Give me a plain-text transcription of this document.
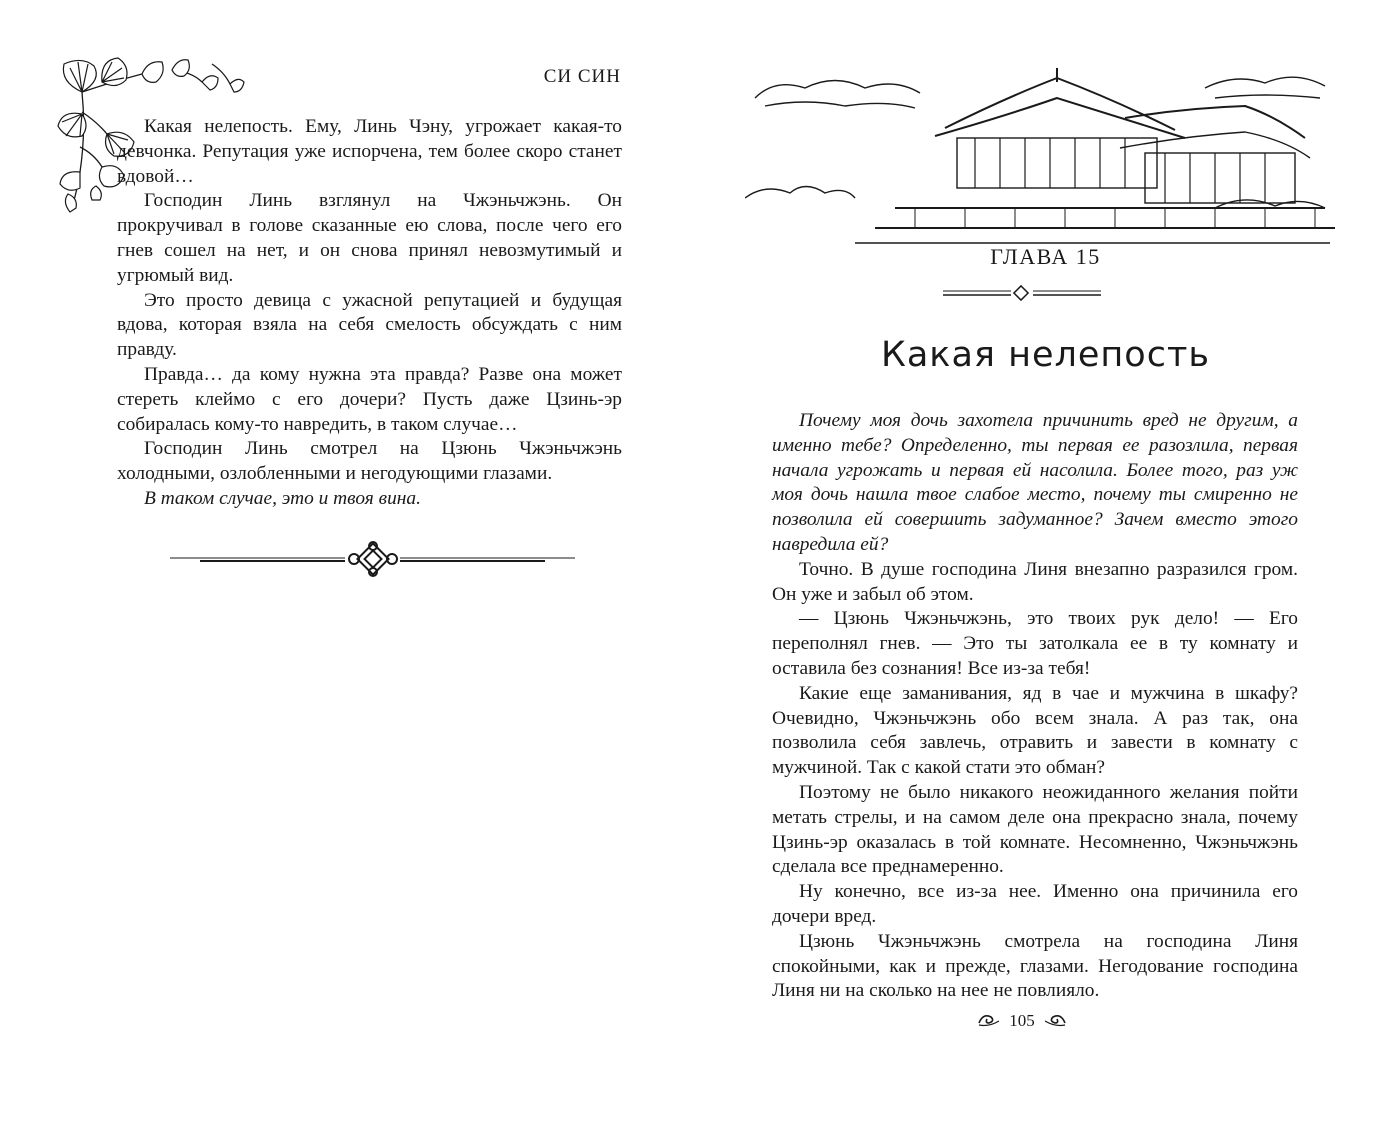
СИ СИН

Какая нелепость. Ему, Линь Чэну, угрожает какая-то девчонка. Репутация уже испорчена, тем более скоро станет вдовой…

Господин Линь взглянул на Чжэньчжэнь. Он прокручивал в голове сказанные ею слова, после чего его гнев сошел на нет, и он снова принял невозмутимый и угрюмый вид.

Это просто девица с ужасной репутацией и будущая вдова, которая взяла на себя смелость обсуждать с ним правду.

Правда… да кому нужна эта правда? Разве она может стереть клеймо с его дочери? Пусть даже Цзинь-эр собиралась кому-то навредить, в таком случае…

Господин Линь смотрел на Цзюнь Чжэньчжэнь холодными, озлобленными и негодующими глазами.

В таком случае, это и твоя вина.

ГЛАВА 15
Какая нелепость

Почему моя дочь захотела причинить вред не другим, а именно тебе? Определенно, ты первая ее разозлила, первая начала угрожать и первая ей насолила. Более того, раз уж моя дочь нашла твое слабое место, почему ты смиренно не позволила ей совершить задуманное? Зачем вместо этого навредила ей?

Точно. В душе господина Линя внезапно разразился гром. Он уже и забыл об этом.

— Цзюнь Чжэньчжэнь, это твоих рук дело! — Его переполнял гнев. — Это ты затолкала ее в ту комнату и оставила без сознания! Все из-за тебя!

Какие еще заманивания, яд в чае и мужчина в шкафу? Очевидно, Чжэньчжэнь обо всем знала. А раз так, она позволила себя завлечь, отравить и завести в комнату с мужчиной. Так с какой стати это обман?

Поэтому не было никакого неожиданного желания пойти метать стрелы, и на самом деле она прекрасно знала, почему Цзинь-эр оказалась в той комнате. Несомненно, Чжэньчжэнь сделала все преднамеренно.

Ну конечно, все из-за нее. Именно она причинила его дочери вред.

Цзюнь Чжэньчжэнь смотрела на господина Линя спокойными, как и прежде, глазами. Негодование господина Линя ни на сколько на нее не повлияло.

105
